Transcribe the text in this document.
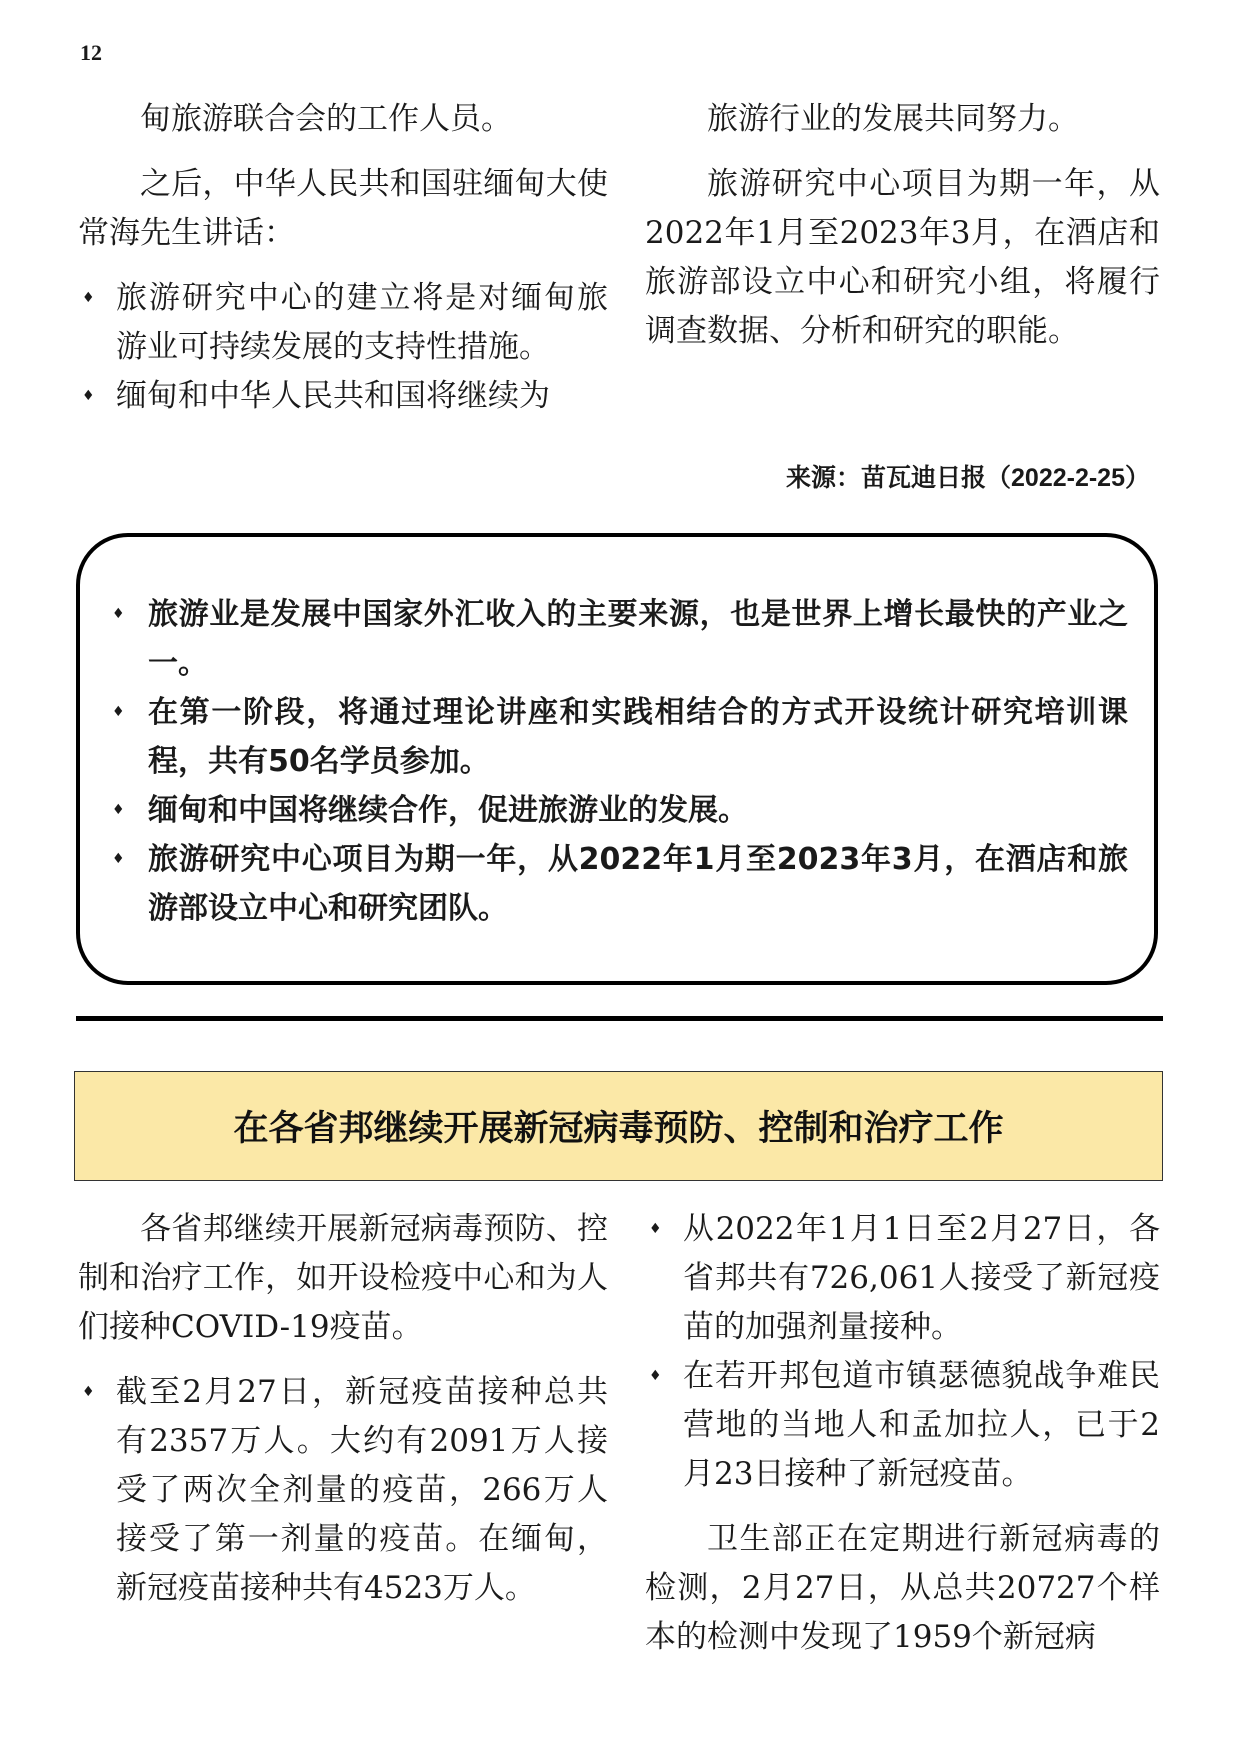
12

甸旅游联合会的工作人员。

之后，中华人民共和国驻缅甸大使常海先生讲话：

♦ 旅游研究中心的建立将是对缅甸旅游业可持续发展的支持性措施。
♦ 缅甸和中华人民共和国将继续为

旅游行业的发展共同努力。

旅游研究中心项目为期一年，从2022年1月至2023年3月，在酒店和旅游部设立中心和研究小组，将履行调查数据、分析和研究的职能。

来源：苗瓦迪日报（2022-2-25）
♦ 旅游业是发展中国家外汇收入的主要来源，也是世界上增长最快的产业之一。
♦ 在第一阶段，将通过理论讲座和实践相结合的方式开设统计研究培训课程，共有50名学员参加。
♦ 缅甸和中国将继续合作，促进旅游业的发展。
♦ 旅游研究中心项目为期一年，从2022年1月至2023年3月，在酒店和旅游部设立中心和研究团队。
在各省邦继续开展新冠病毒预防、控制和治疗工作

各省邦继续开展新冠病毒预防、控制和治疗工作，如开设检疫中心和为人们接种COVID-19疫苗。

♦ 截至2月27日，新冠疫苗接种总共有2357万人。大约有2091万人接受了两次全剂量的疫苗，266万人接受了第一剂量的疫苗。在缅甸，新冠疫苗接种共有4523万人。
♦ 从2022年1月1日至2月27日，各省邦共有726,061人接受了新冠疫苗的加强剂量接种。
♦ 在若开邦包道市镇瑟德貌战争难民营地的当地人和孟加拉人，已于2月23日接种了新冠疫苗。

卫生部正在定期进行新冠病毒的检测，2月27日，从总共20727个样本的检测中发现了1959个新冠病
